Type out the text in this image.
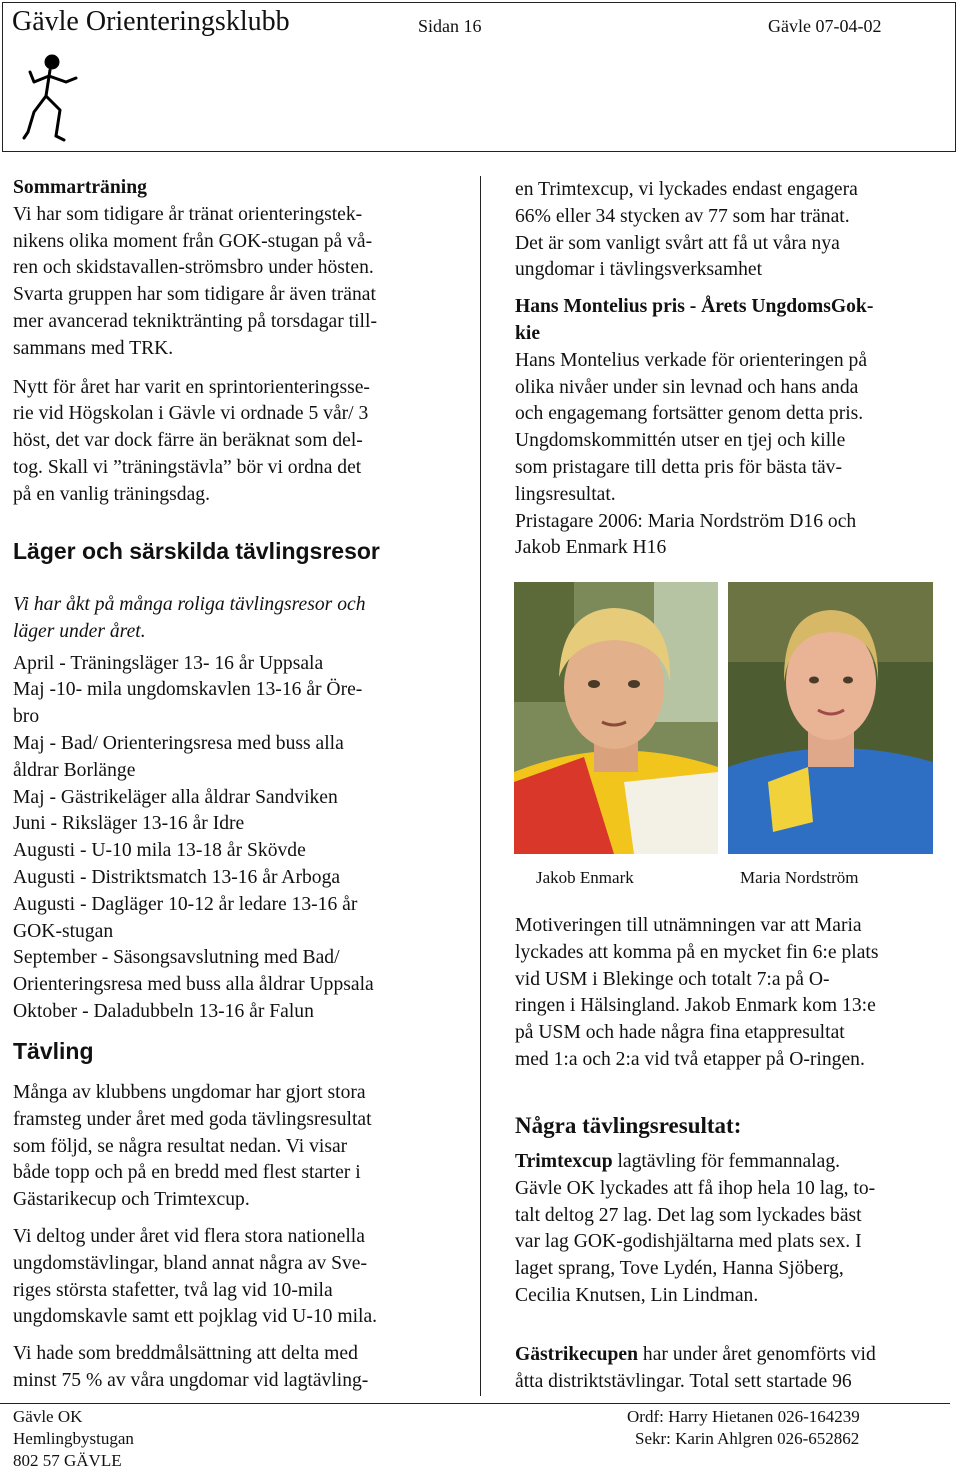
Gävle Orienteringsklubb	Sidan 16	Gävle 07-04-02

Sommarträning

Vi har som tidigare år tränat orienteringstek-

nikens olika moment från GOK-stugan på vå-

ren och skidstavallen-strömsbro under hösten.

Svarta gruppen har som tidigare år även tränat

mer avancerad tekniktränting på torsdagar till-

sammans med TRK.

Nytt för året har varit en sprintorienteringsse-

rie vid Högskolan i Gävle vi ordnade 5 vår/ 3

höst, det var dock färre än beräknat som del-

tog. Skall vi ”träningstävla” bör vi ordna det

på en vanlig träningsdag.

Läger och särskilda tävlingsresor

Vi har åkt på många roliga tävlingsresor och

läger under året.

April - Träningsläger 13- 16 år Uppsala

Maj -10- mila ungdomskavlen 13-16 år Öre-

bro

Maj - Bad/ Orienteringsresa med buss alla

åldrar Borlänge

Maj - Gästrikeläger alla åldrar Sandviken

Juni - Riksläger 13-16 år Idre

Augusti - U-10 mila 13-18 år Skövde

Augusti - Distriktsmatch 13-16 år Arboga

Augusti - Dagläger 10-12 år ledare 13-16 år

GOK-stugan

September - Säsongsavslutning med Bad/

Orienteringsresa med buss alla åldrar Uppsala

Oktober - Daladubbeln 13-16 år Falun

Tävling

Många av klubbens ungdomar har gjort stora

framsteg under året med goda tävlingsresultat

som följd, se några resultat nedan. Vi visar

både topp och på en bredd med flest starter i

Gästarikecup och Trimtexcup.

Vi deltog under året vid flera stora nationella

ungdomstävlingar, bland annat några av Sve-

riges största stafetter, två lag vid 10-mila

ungdomskavle samt ett pojklag vid U-10 mila.

Vi hade som breddmålsättning att delta med

minst 75 % av våra ungdomar vid lagtävling-

en Trimtexcup, vi lyckades endast engagera

66% eller 34 stycken av 77 som har tränat.

Det är som vanligt svårt att få ut våra nya

ungdomar i tävlingsverksamhet

Hans Montelius pris - Årets UngdomsGok-

kie

Hans Montelius verkade för orienteringen på

olika nivåer under sin levnad och hans anda

och engagemang fortsätter genom detta pris.

Ungdomskommittén utser en tjej och kille

som pristagare till detta pris för bästa täv-

lingsresultat.

Pristagare 2006: Maria Nordström D16 och

Jakob Enmark H16

Jakob Enmark	Maria Nordström

Motiveringen till utnämningen var att Maria

lyckades att komma på en mycket fin 6:e plats

vid USM i Blekinge och totalt 7:a på O-

ringen i Hälsingland. Jakob Enmark kom 13:e

på USM och hade några fina etappresultat

med 1:a och 2:a vid två etapper på O-ringen.

Några tävlingsresultat:

Trimtexcup lagtävling för femmannalag.

Gävle OK lyckades att få ihop hela 10 lag, to-

talt deltog 27 lag. Det lag som lyckades bäst

var lag GOK-godishjältarna med plats sex. I

laget sprang, Tove Lydén, Hanna Sjöberg,

Cecilia Knutsen, Lin Lindman.

Gästrikecupen har under året genomförts vid

åtta distriktstävlingar. Total sett startade 96

Gävle OK
Hemlingbystugan
802 57 GÄVLE
Ordf: Harry Hietanen 026-164239
Sekr: Karin Ahlgren 026-652862
